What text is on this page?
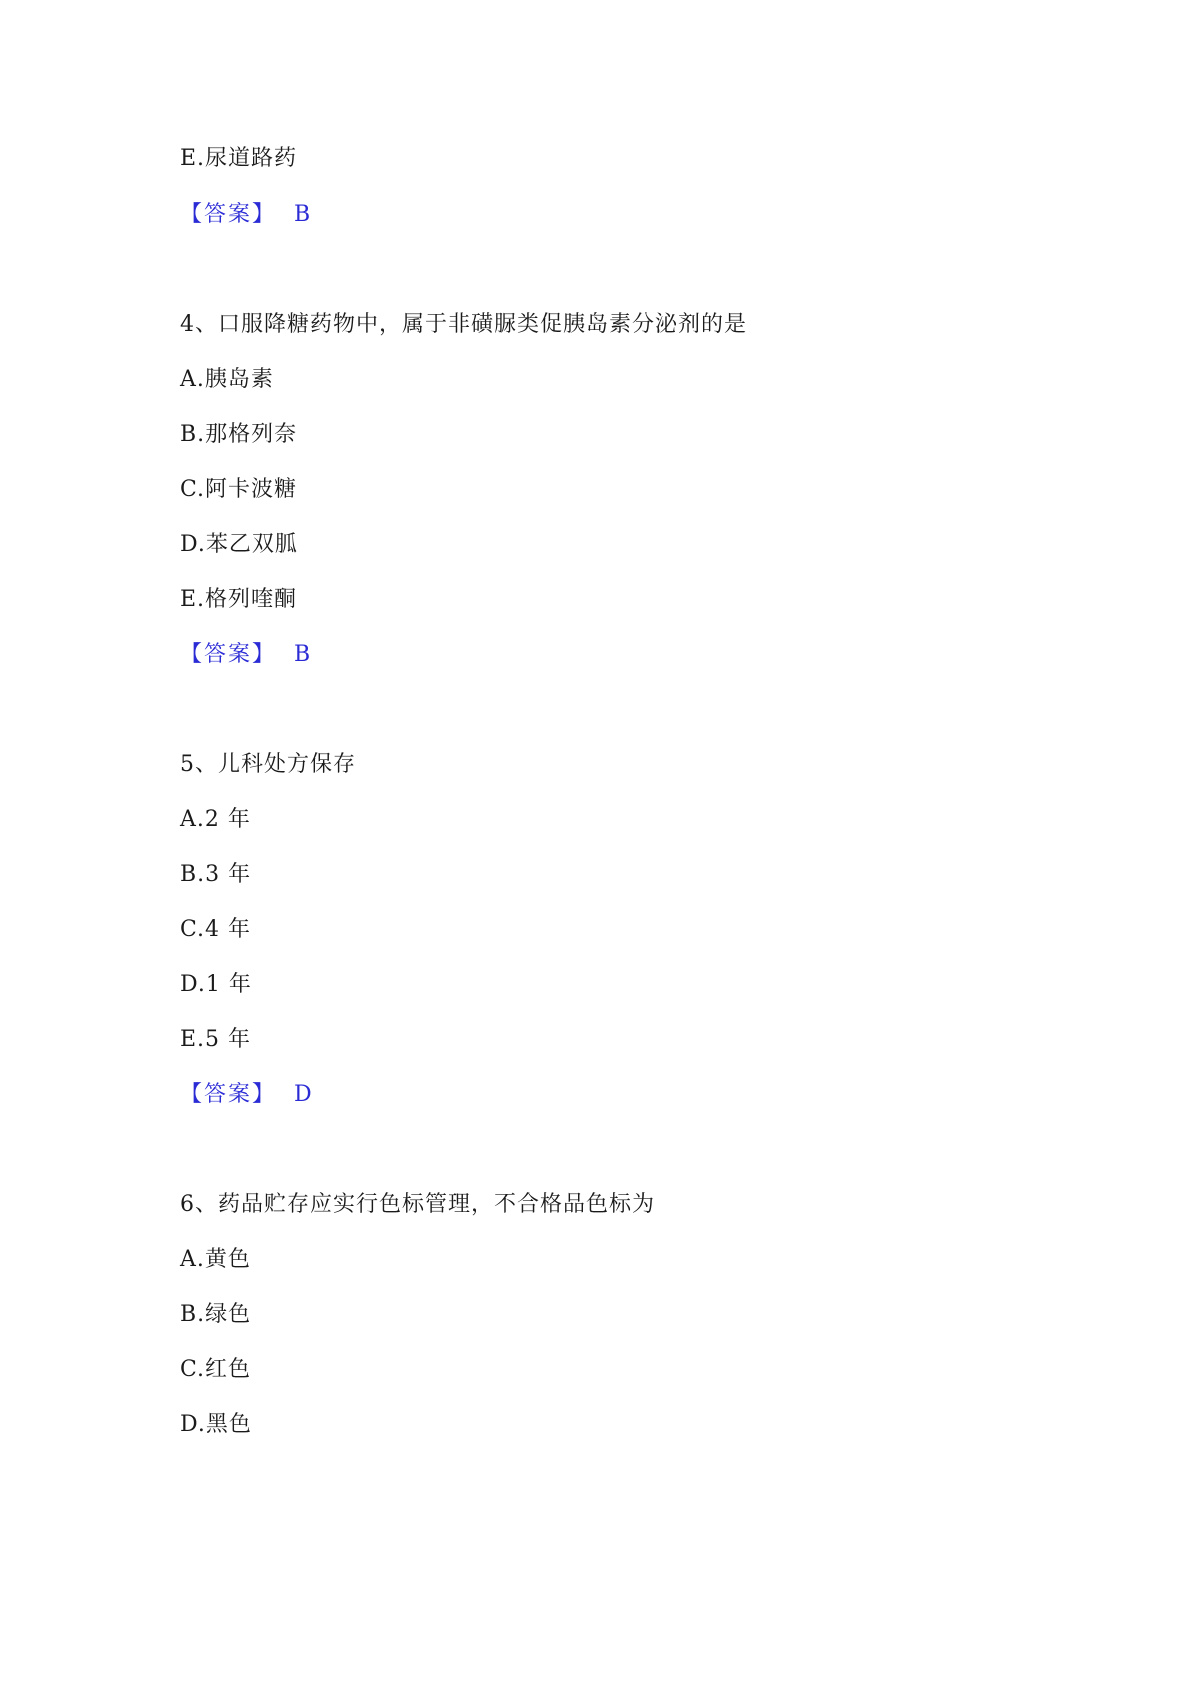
E.尿道路药
【答案】 B
4、口服降糖药物中，属于非磺脲类促胰岛素分泌剂的是
A.胰岛素
B.那格列奈
C.阿卡波糖
D.苯乙双胍
E.格列喹酮
【答案】 B
5、儿科处方保存
A.2 年
B.3 年
C.4 年
D.1 年
E.5 年
【答案】 D
6、药品贮存应实行色标管理，不合格品色标为
A.黄色
B.绿色
C.红色
D.黑色
